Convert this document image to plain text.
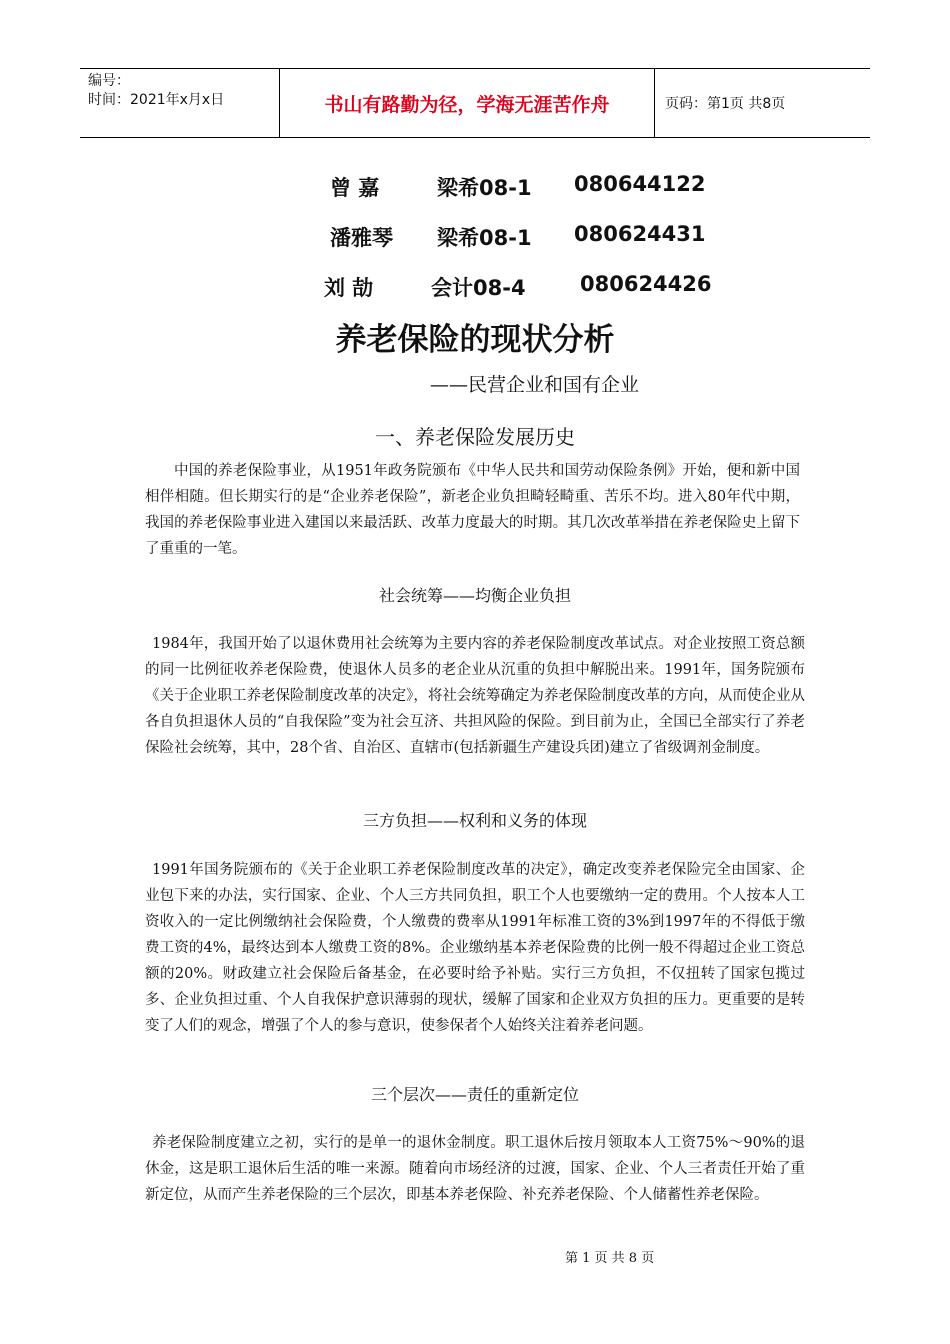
编号：
时间：2021年x月x日	书山有路勤为径，学海无涯苦作舟	页码：第1页 共8页
曾 嘉	梁希08-1 080644122
潘雅琴 梁希08-1 080624431
刘 劼	会计08-4	080624426
养老保险的现状分析
——民营企业和国有企业
一、养老保险发展历史
中国的养老保险事业，从1951年政务院颁布《中华人民共和国劳动保险条例》开始，便和新中国相伴相随。但长期实行的是“企业养老保险”，新老企业负担畸轻畸重、苦乐不均。进入80年代中期，我国的养老保险事业进入建国以来最活跃、改革力度最大的时期。其几次改革举措在养老保险史上留下了重重的一笔。
社会统筹——均衡企业负担
1984年，我国开始了以退休费用社会统筹为主要内容的养老保险制度改革试点。对企业按照工资总额的同一比例征收养老保险费，使退休人员多的老企业从沉重的负担中解脱出来。1991年，国务院颁布《关于企业职工养老保险制度改革的决定》，将社会统筹确定为养老保险制度改革的方向，从而使企业从各自负担退休人员的“自我保险”变为社会互济、共担风险的保险。到目前为止，全国已全部实行了养老保险社会统筹，其中，28个省、自治区、直辖市(包括新疆生产建设兵团)建立了省级调剂金制度。
三方负担——权利和义务的体现
1991年国务院颁布的《关于企业职工养老保险制度改革的决定》，确定改变养老保险完全由国家、企业包下来的办法，实行国家、企业、个人三方共同负担，职工个人也要缴纳一定的费用。个人按本人工资收入的一定比例缴纳社会保险费，个人缴费的费率从1991年标准工资的3%到1997年的不得低于缴费工资的4%，最终达到本人缴费工资的8%。企业缴纳基本养老保险费的比例一般不得超过企业工资总额的20%。财政建立社会保险后备基金，在必要时给予补贴。实行三方负担，不仅扭转了国家包揽过多、企业负担过重、个人自我保护意识薄弱的现状，缓解了国家和企业双方负担的压力。更重要的是转变了人们的观念，增强了个人的参与意识，使参保者个人始终关注着养老问题。
三个层次——责任的重新定位
养老保险制度建立之初，实行的是单一的退休金制度。职工退休后按月领取本人工资75%～90%的退休金，这是职工退休后生活的唯一来源。随着向市场经济的过渡，国家、企业、个人三者责任开始了重新定位，从而产生养老保险的三个层次，即基本养老保险、补充养老保险、个人储蓄性养老保险。
第 1 页 共 8 页
